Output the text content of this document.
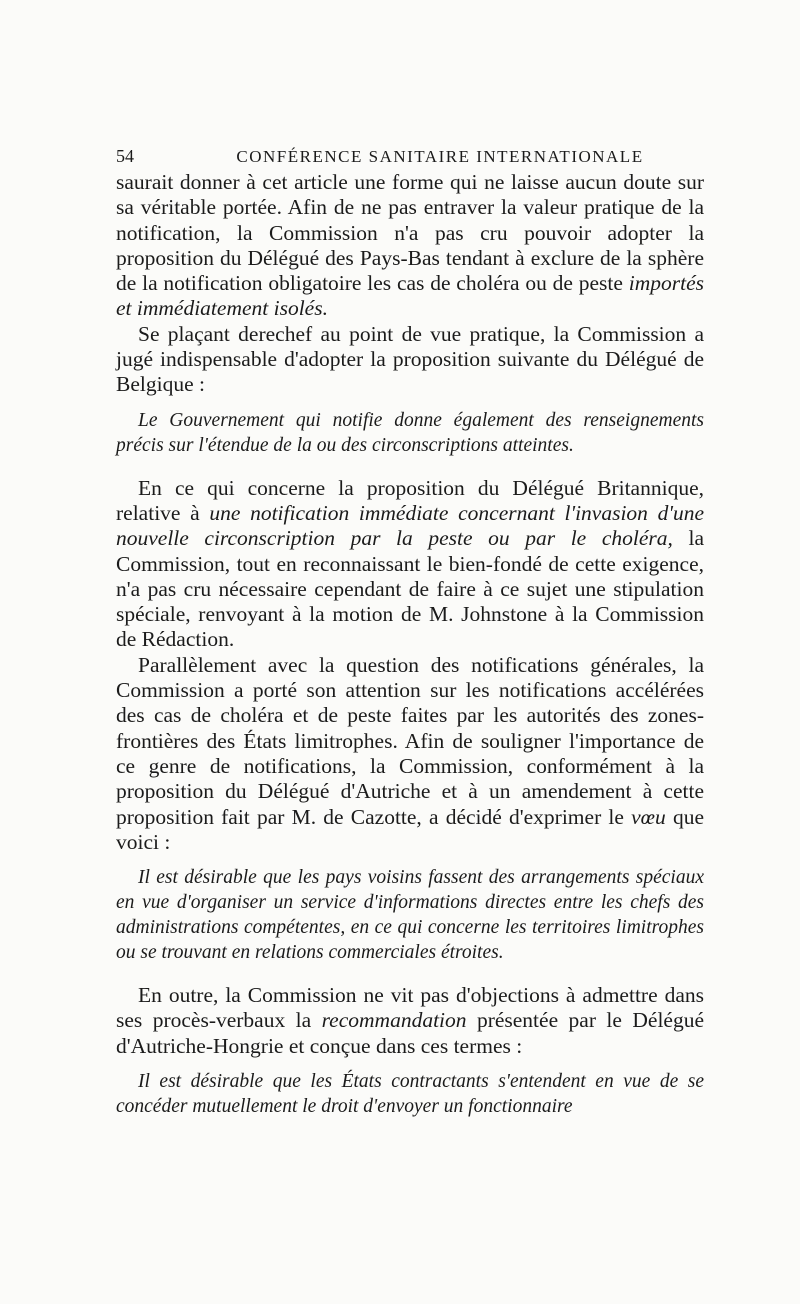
54	CONFÉRENCE SANITAIRE INTERNATIONALE

saurait donner à cet article une forme qui ne laisse aucun doute sur sa véritable portée. Afin de ne pas entraver la valeur pratique de la notification, la Commission n'a pas cru pouvoir adopter la proposition du Délégué des Pays-Bas tendant à exclure de la sphère de la notification obligatoire les cas de choléra ou de peste importés et immédiatement isolés.

Se plaçant derechef au point de vue pratique, la Commission a jugé indispensable d'adopter la proposition suivante du Délégué de Belgique :

Le Gouvernement qui notifie donne également des renseignements précis sur l'étendue de la ou des circonscriptions atteintes.

En ce qui concerne la proposition du Délégué Britannique, relative à une notification immédiate concernant l'invasion d'une nouvelle circonscription par la peste ou par le choléra, la Commission, tout en reconnaissant le bien-fondé de cette exigence, n'a pas cru nécessaire cependant de faire à ce sujet une stipulation spéciale, renvoyant à la motion de M. Johnstone à la Commission de Rédaction.

Parallèlement avec la question des notifications générales, la Commission a porté son attention sur les notifications accélérées des cas de choléra et de peste faites par les autorités des zones-frontières des États limitrophes. Afin de souligner l'importance de ce genre de notifications, la Commission, conformément à la proposition du Délégué d'Autriche et à un amendement à cette proposition fait par M. de Cazotte, a décidé d'exprimer le vœu que voici :

Il est désirable que les pays voisins fassent des arrangements spéciaux en vue d'organiser un service d'informations directes entre les chefs des administrations compétentes, en ce qui concerne les territoires limitrophes ou se trouvant en relations commerciales étroites.

En outre, la Commission ne vit pas d'objections à admettre dans ses procès-verbaux la recommandation présentée par le Délégué d'Autriche-Hongrie et conçue dans ces termes :

Il est désirable que les États contractants s'entendent en vue de se concéder mutuellement le droit d'envoyer un fonctionnaire
